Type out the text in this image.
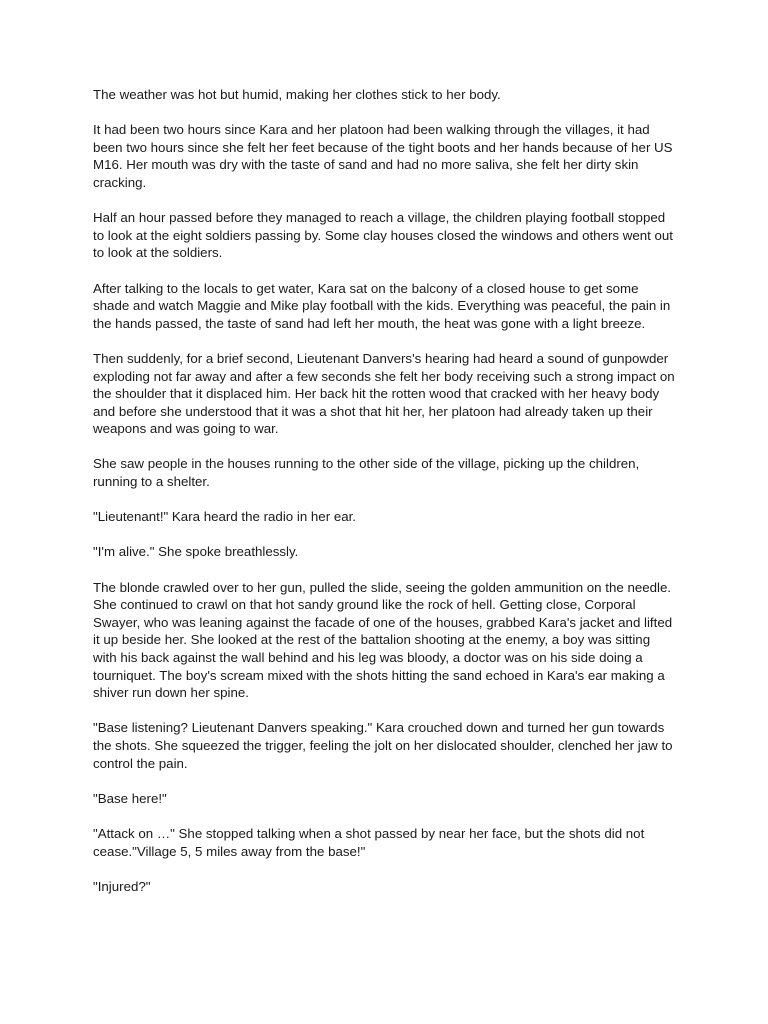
The weather was hot but humid, making her clothes stick to her body.

It had been two hours since Kara and her platoon had been walking through the villages, it had been two hours since she felt her feet because of the tight boots and her hands because of her US M16. Her mouth was dry with the taste of sand and had no more saliva, she felt her dirty skin cracking.

Half an hour passed before they managed to reach a village, the children playing football stopped to look at the eight soldiers passing by. Some clay houses closed the windows and others went out to look at the soldiers.

After talking to the locals to get water, Kara sat on the balcony of a closed house to get some shade and watch Maggie and Mike play football with the kids. Everything was peaceful, the pain in the hands passed, the taste of sand had left her mouth, the heat was gone with a light breeze.

Then suddenly, for a brief second, Lieutenant Danvers's hearing had heard a sound of gunpowder exploding not far away and after a few seconds she felt her body receiving such a strong impact on the shoulder that it displaced him. Her back hit the rotten wood that cracked with her heavy body and before she understood that it was a shot that hit her, her platoon had already taken up their weapons and was going to war.

She saw people in the houses running to the other side of the village, picking up the children, running to a shelter.

"Lieutenant!" Kara heard the radio in her ear.

"I'm alive." She spoke breathlessly.

The blonde crawled over to her gun, pulled the slide, seeing the golden ammunition on the needle. She continued to crawl on that hot sandy ground like the rock of hell. Getting close, Corporal Swayer, who was leaning against the facade of one of the houses, grabbed Kara's jacket and lifted it up beside her. She looked at the rest of the battalion shooting at the enemy, a boy was sitting with his back against the wall behind and his leg was bloody, a doctor was on his side doing a tourniquet. The boy's scream mixed with the shots hitting the sand echoed in Kara's ear making a shiver run down her spine.

"Base listening? Lieutenant Danvers speaking." Kara crouched down and turned her gun towards the shots. She squeezed the trigger, feeling the jolt on her dislocated shoulder, clenched her jaw to control the pain.

"Base here!"

"Attack on …" She stopped talking when a shot passed by near her face, but the shots did not cease."Village 5, 5 miles away from the base!"

"Injured?"
